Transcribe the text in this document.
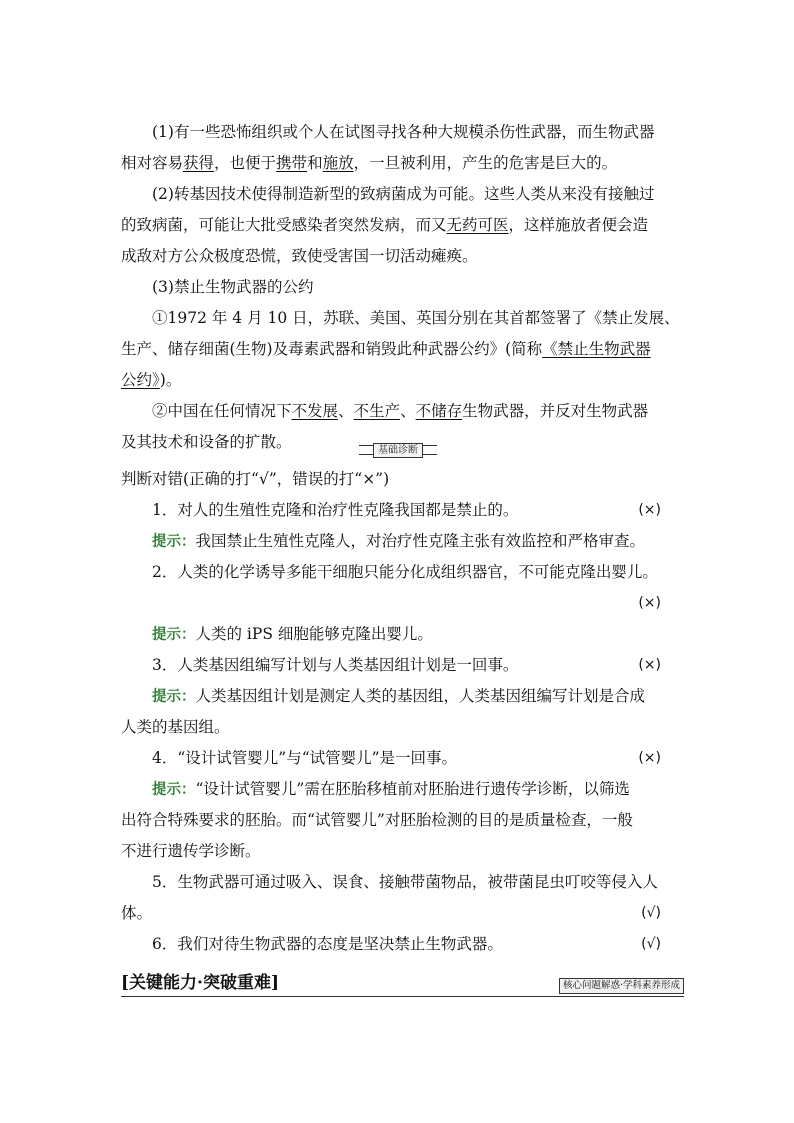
(1)有一些恐怖组织或个人在试图寻找各种大规模杀伤性武器，而生物武器
相对容易获得，也便于携带和施放，一旦被利用，产生的危害是巨大的。
(2)转基因技术使得制造新型的致病菌成为可能。这些人类从来没有接触过
的致病菌，可能让大批受感染者突然发病，而又无药可医，这样施放者便会造
成敌对方公众极度恐慌，致使受害国一切活动瘫痪。
(3)禁止生物武器的公约
①1972 年 4 月 10 日，苏联、美国、英国分别在其首都签署了《禁止发展、
生产、储存细菌(生物)及毒素武器和销毁此种武器公约》(简称《禁止生物武器
公约》)。
②中国在任何情况下不发展、不生产、不储存生物武器，并反对生物武器
及其技术和设备的扩散。	基础诊断
判断对错(正确的打“√”，错误的打“×”)
1．对人的生殖性克隆和治疗性克隆我国都是禁止的。	(×)
提示：我国禁止生殖性克隆人，对治疗性克隆主张有效监控和严格审查。
2．人类的化学诱导多能干细胞只能分化成组织器官，不可能克隆出婴儿。
(×)
提示：人类的 iPS 细胞能够克隆出婴儿。
3．人类基因组编写计划与人类基因组计划是一回事。	(×)
提示：人类基因组计划是测定人类的基因组，人类基因组编写计划是合成
人类的基因组。
4．“设计试管婴儿”与“试管婴儿”是一回事。	(×)
提示：“设计试管婴儿”需在胚胎移植前对胚胎进行遗传学诊断，以筛选
出符合特殊要求的胚胎。而“试管婴儿”对胚胎检测的目的是质量检查，一般
不进行遗传学诊断。
5．生物武器可通过吸入、误食、接触带菌物品，被带菌昆虫叮咬等侵入人
体。	(√)
6．我们对待生物武器的态度是坚决禁止生物武器。	(√)
[关键能力·突破重难]	核心问题解惑·学科素养形成
